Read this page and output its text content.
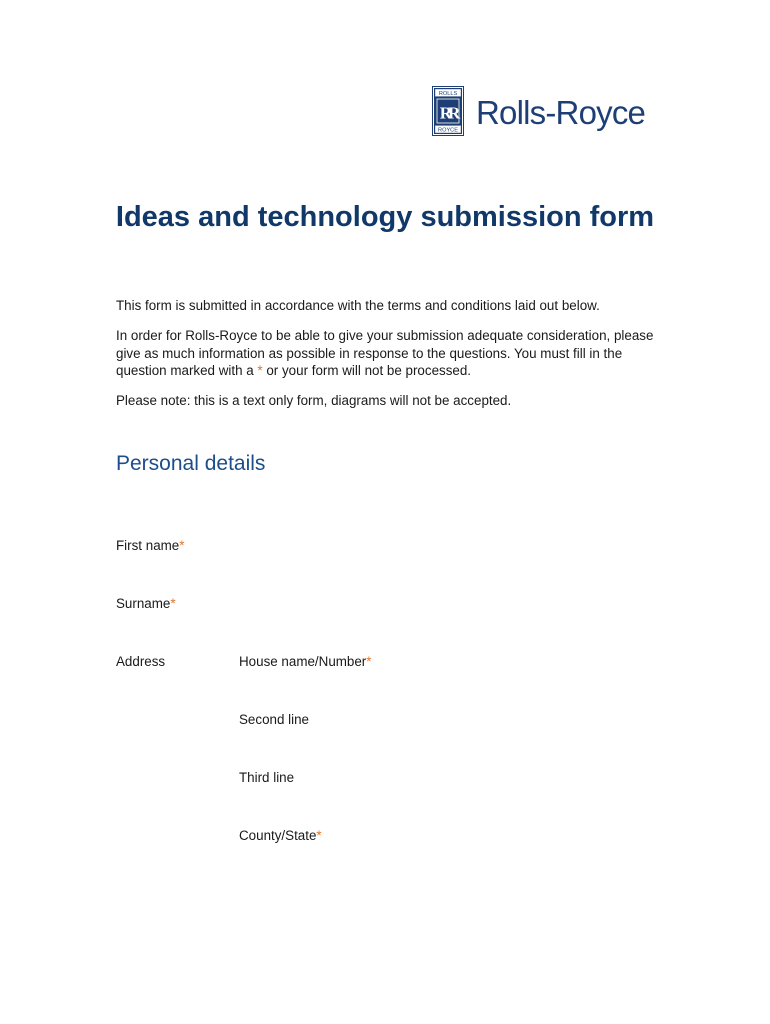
ROLLS
RR
ROYCE Rolls-Royce
Ideas and technology submission form

This form is submitted in accordance with the terms and conditions laid out below.

In order for Rolls-Royce to be able to give your submission adequate consideration, please give as much information as possible in response to the questions. You must fill in the question marked with a * or your form will not be processed.

Please note: this is a text only form, diagrams will not be accepted.

Personal details
First name*
Surname*
Address	House name/Number*
Second line
Third line
County/State*
